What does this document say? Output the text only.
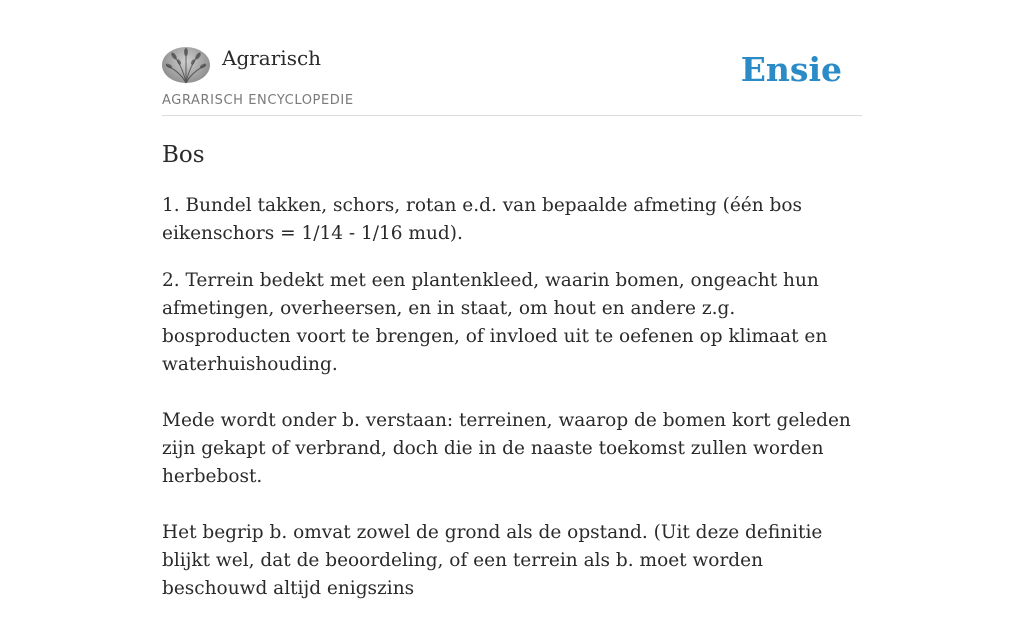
Agrarisch
AGRARISCH ENCYCLOPEDIE
Ensie
Bos

1. Bundel takken, schors, rotan e.d. van bepaalde afmeting (één bos eikenschors = 1/14 - 1/16 mud).

2. Terrein bedekt met een plantenkleed, waarin bomen, ongeacht hun afmetingen, overheersen, en in staat, om hout en andere z.g. bosproducten voort te brengen, of invloed uit te oefenen op klimaat en waterhuishouding.

Mede wordt onder b. verstaan: terreinen, waarop de bomen kort geleden zijn gekapt of verbrand, doch die in de naaste toekomst zullen worden herbebost.

Het begrip b. omvat zowel de grond als de opstand. (Uit deze definitie blijkt wel, dat de beoordeling, of een terrein als b. moet worden beschouwd altijd enigszins
